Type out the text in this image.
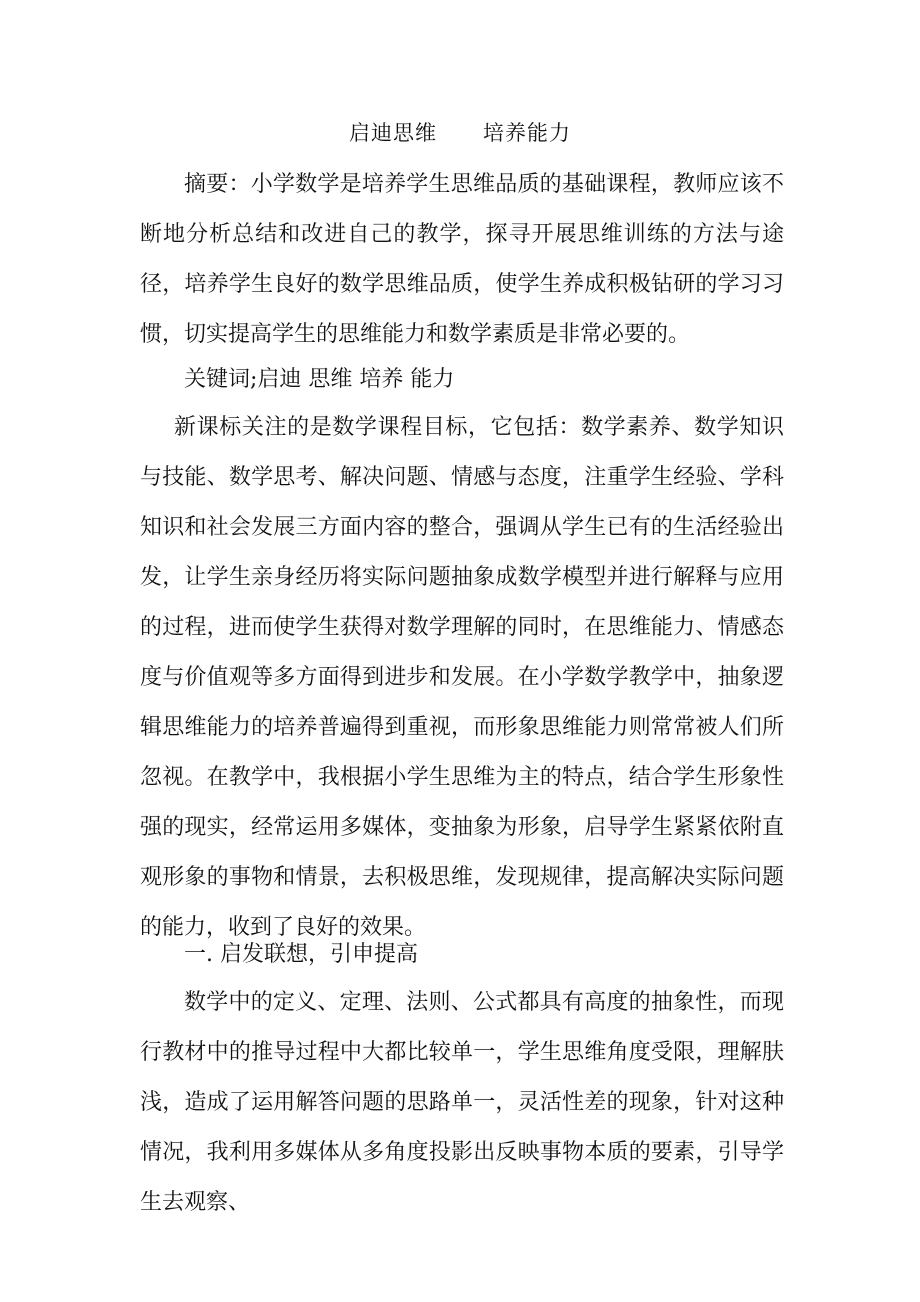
启迪思维      培养能力

摘要：小学数学是培养学生思维品质的基础课程，教师应该不断地分析总结和改进自己的教学，探寻开展思维训练的方法与途径，培养学生良好的数学思维品质，使学生养成积极钻研的学习习惯，切实提高学生的思维能力和数学素质是非常必要的。

关键词;启迪 思维 培养 能力

新课标关注的是数学课程目标，它包括：数学素养、数学知识与技能、数学思考、解决问题、情感与态度，注重学生经验、学科知识和社会发展三方面内容的整合，强调从学生已有的生活经验出发，让学生亲身经历将实际问题抽象成数学模型并进行解释与应用的过程，进而使学生获得对数学理解的同时，在思维能力、情感态度与价值观等多方面得到进步和发展。在小学数学教学中，抽象逻辑思维能力的培养普遍得到重视，而形象思维能力则常常被人们所忽视。在教学中，我根据小学生思维为主的特点，结合学生形象性强的现实，经常运用多媒体，变抽象为形象，启导学生紧紧依附直观形象的事物和情景，去积极思维，发现规律，提高解决实际问题的能力，收到了良好的效果。

一. 启发联想，引申提高

数学中的定义、定理、法则、公式都具有高度的抽象性，而现行教材中的推导过程中大都比较单一，学生思维角度受限，理解肤浅，造成了运用解答问题的思路单一，灵活性差的现象，针对这种情况，我利用多媒体从多角度投影出反映事物本质的要素，引导学生去观察、
